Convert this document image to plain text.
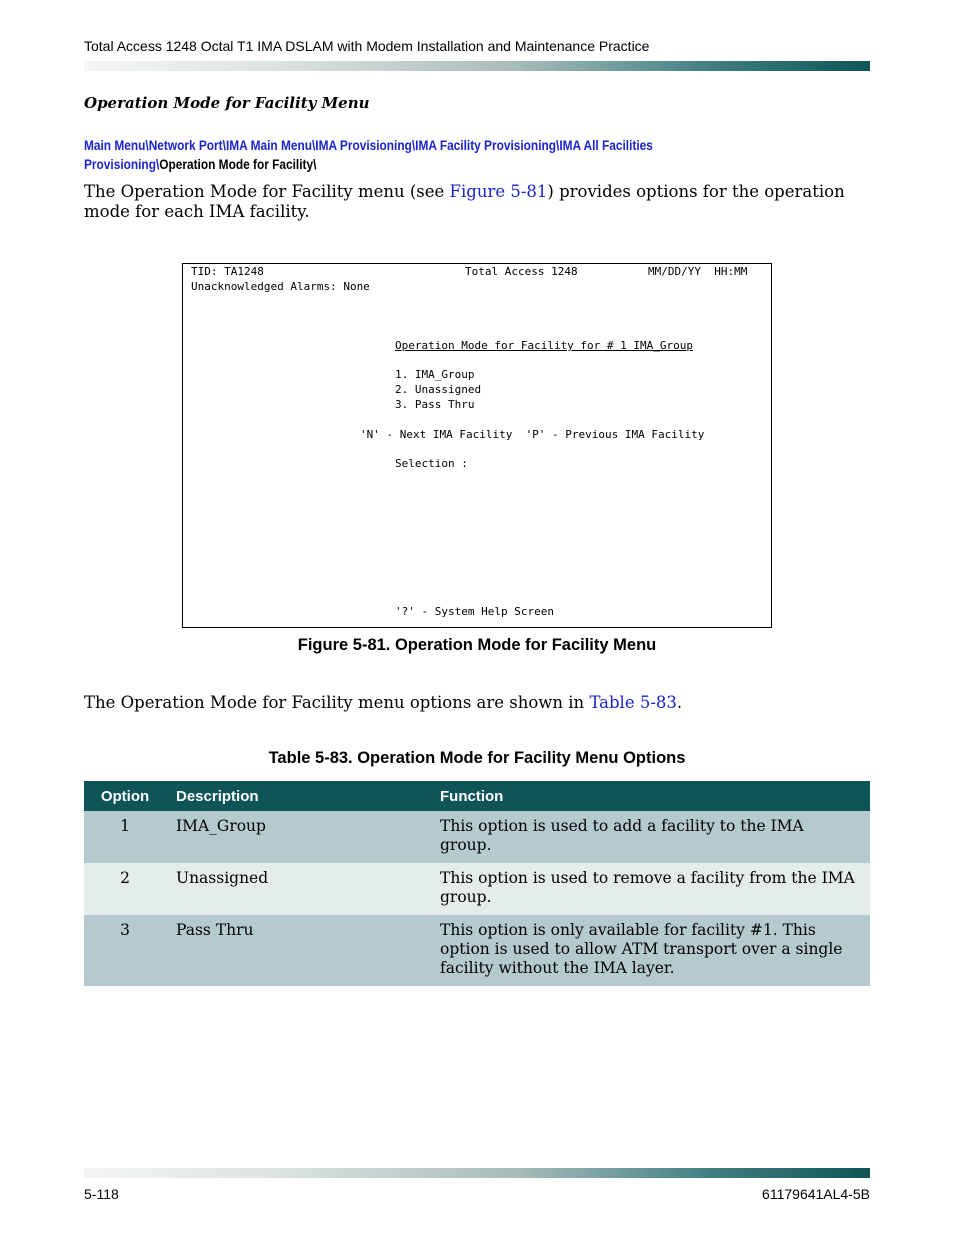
Total Access 1248 Octal T1 IMA DSLAM with Modem Installation and Maintenance Practice
Operation Mode for Facility Menu
Main Menu\Network Port\IMA Main Menu\IMA Provisioning\IMA Facility Provisioning\IMA All Facilities Provisioning\Operation Mode for Facility\
The Operation Mode for Facility menu (see Figure 5-81) provides options for the operation mode for each IMA facility.
TID: TA1248	Total Access 1248	MM/DD/YY  HH:MM
Unacknowledged Alarms: None
Operation Mode for Facility for # 1 IMA_Group
1. IMA_Group
2. Unassigned
3. Pass Thru
'N' - Next IMA Facility  'P' - Previous IMA Facility
Selection :
'?' - System Help Screen
Figure 5-81. Operation Mode for Facility Menu
The Operation Mode for Facility menu options are shown in Table 5-83.
Table 5-83. Operation Mode for Facility Menu Options
Option	Description	Function
1	IMA_Group	This option is used to add a facility to the IMA group.
2	Unassigned	This option is used to remove a facility from the IMA group.
3	Pass Thru	This option is only available for facility #1. This option is used to allow ATM transport over a single facility without the IMA layer.
5-118	61179641AL4-5B
